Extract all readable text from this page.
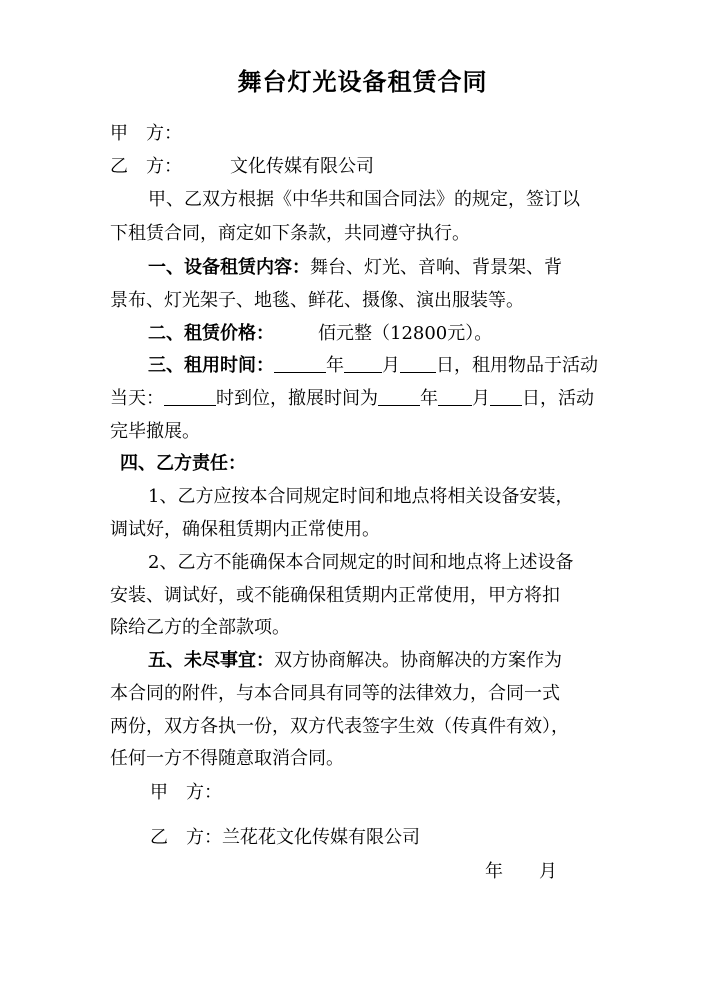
舞台灯光设备租赁合同
甲　方：
乙　方：	文化传媒有限公司
甲、乙双方根据《中华共和国合同法》的规定，签订以
下租赁合同，商定如下条款，共同遵守执行。
一、设备租赁内容：舞台、灯光、音响、背景架、背
景布、灯光架子、地毯、鲜花、摄像、演出服装等。
二、租赁价格： 佰元整（12800元）。
三、租用时间：	年 月 日，租用物品于活动
当天：	时到位，撤展时间为 年 月 日，活动
完毕撤展。
四、乙方责任：
1、乙方应按本合同规定时间和地点将相关设备安装，
调试好，确保租赁期内正常使用。
2、乙方不能确保本合同规定的时间和地点将上述设备
安装、调试好，或不能确保租赁期内正常使用，甲方将扣
除给乙方的全部款项。
五、未尽事宜：双方协商解决。协商解决的方案作为
本合同的附件，与本合同具有同等的法律效力，合同一式
两份，双方各执一份，双方代表签字生效（传真件有效），
任何一方不得随意取消合同。
甲　方：
乙　方：兰花花文化传媒有限公司
年　　月
